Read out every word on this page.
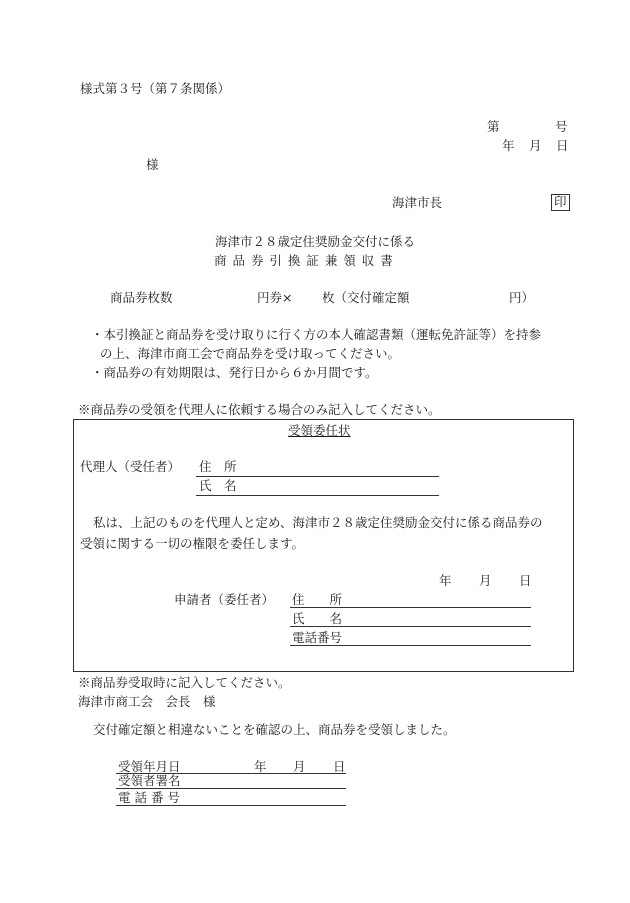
様式第３号（第７条関係）
第	号
年 月 日
様
海津市長	印
海津市２８歳定住奨励金交付に係る
商 品 券 引 換 証 兼 領 収 書
商品券枚数	円券× 枚（交付確定額	円）
・本引換証と商品券を受け取りに行く方の本人確認書類（運転免許証等）を持参
の上、海津市商工会で商品券を受け取ってください。
・商品券の有効期限は、発行日から６か月間です。
※商品券の受領を代理人に依頼する場合のみ記入してください。
受領委任状
代理人（受任者） 住　所
氏　名
私は、上記のものを代理人と定め、海津市２８歳定住奨励金交付に係る商品券の
受領に関する一切の権限を委任します。
年 月 日
申請者（委任者） 住　　所
氏　　名
電話番号
※商品券受取時に記入してください。
海津市商工会　会長　様
交付確定額と相違ないことを確認の上、商品券を受領しました。
受領年月日	年 月 日
受領者署名
電 話 番 号
